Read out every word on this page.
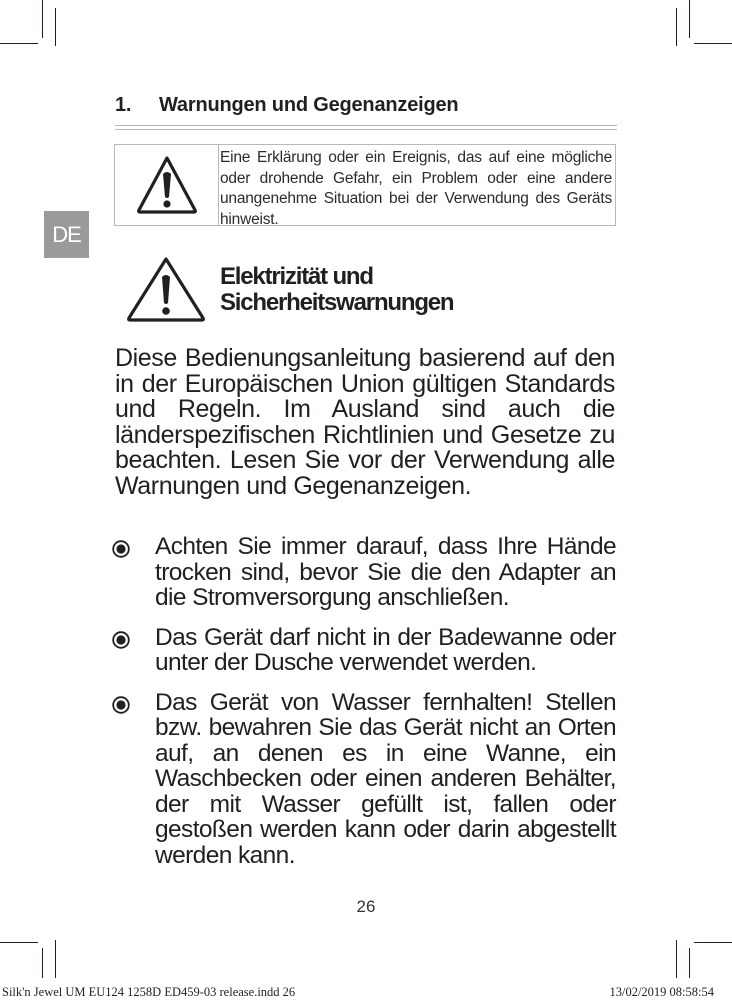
1. Warnungen und Gegenanzeigen
DE
Eine Erklärung oder ein Ereignis, das auf eine mögliche oder drohende Gefahr, ein Problem oder eine andere unangenehme Situation bei der Verwendung des Geräts hinweist.
Elektrizität und
Sicherheitswarnungen
Diese Bedienungsanleitung basierend auf den in der Europäischen Union gültigen Standards und Regeln. Im Ausland sind auch die länderspezifischen Richtlinien und Gesetze zu beachten. Lesen Sie vor der Verwendung alle Warnungen und Gegenanzeigen.
Achten Sie immer darauf, dass Ihre Hände trocken sind, bevor Sie die den Adapter an die Stromversorgung anschließen.
Das Gerät darf nicht in der Badewanne oder unter der Dusche verwendet werden.
Das Gerät von Wasser fernhalten! Stellen bzw. bewahren Sie das Gerät nicht an Orten auf, an denen es in eine Wanne, ein Waschbecken oder einen anderen Behälter, der mit Wasser gefüllt ist, fallen oder gestoßen werden kann oder darin abgestellt werden kann.
26
Silk'n Jewel UM EU124 1258D ED459-03 release.indd 26	13/02/2019 08:58:54
